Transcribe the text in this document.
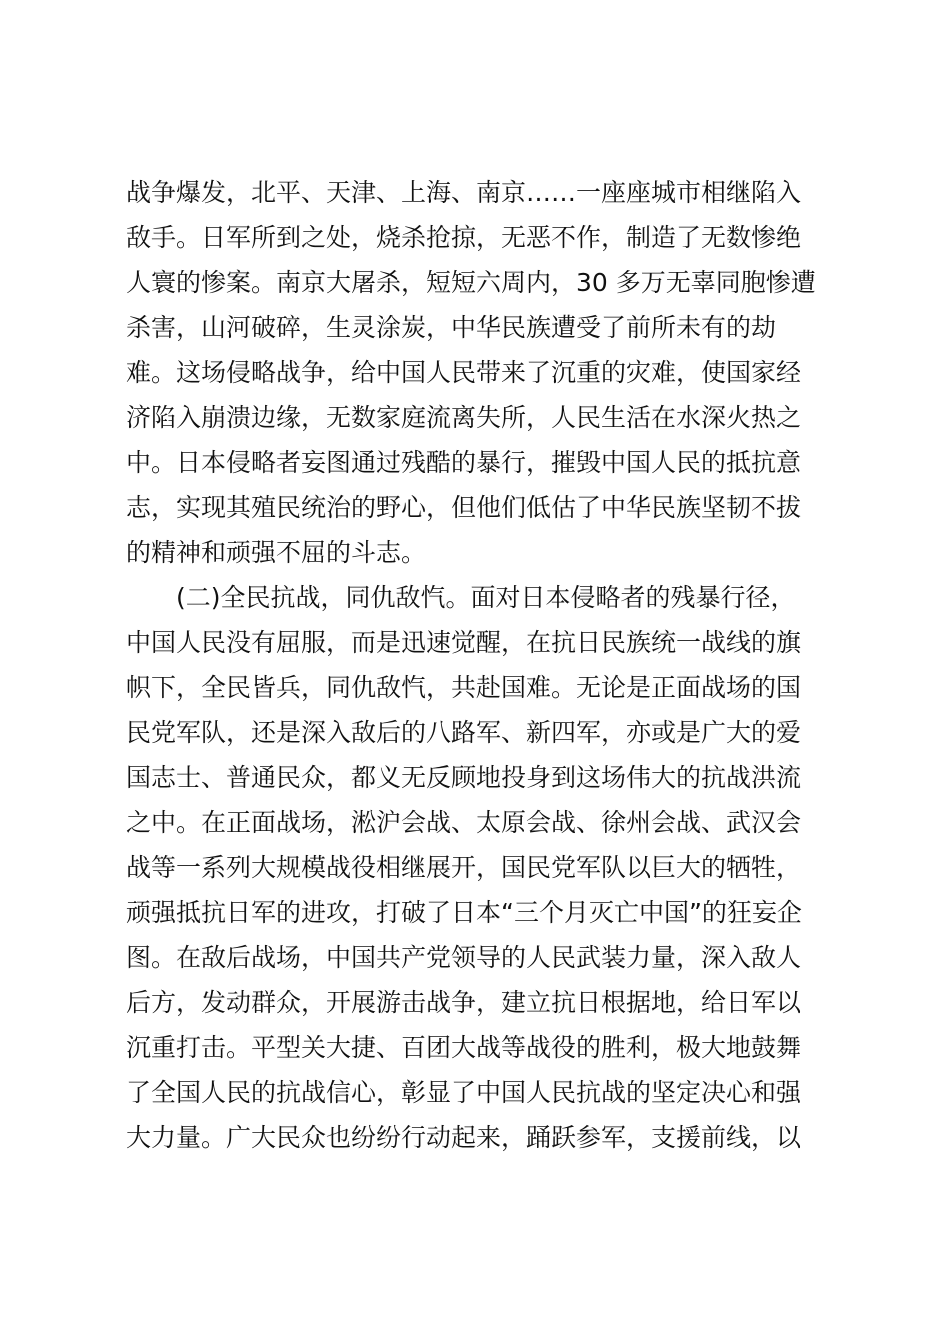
战争爆发，北平、天津、上海、南京……一座座城市相继陷入
敌手。日军所到之处，烧杀抢掠，无恶不作，制造了无数惨绝
人寰的惨案。南京大屠杀，短短六周内，30 多万无辜同胞惨遭
杀害，山河破碎，生灵涂炭，中华民族遭受了前所未有的劫
难。这场侵略战争，给中国人民带来了沉重的灾难，使国家经
济陷入崩溃边缘，无数家庭流离失所，人民生活在水深火热之
中。日本侵略者妄图通过残酷的暴行，摧毁中国人民的抵抗意
志，实现其殖民统治的野心，但他们低估了中华民族坚韧不拔
的精神和顽强不屈的斗志。
　　(二)全民抗战，同仇敌忾。面对日本侵略者的残暴行径，
中国人民没有屈服，而是迅速觉醒，在抗日民族统一战线的旗
帜下，全民皆兵，同仇敌忾，共赴国难。无论是正面战场的国
民党军队，还是深入敌后的八路军、新四军，亦或是广大的爱
国志士、普通民众，都义无反顾地投身到这场伟大的抗战洪流
之中。在正面战场，淞沪会战、太原会战、徐州会战、武汉会
战等一系列大规模战役相继展开，国民党军队以巨大的牺牲，
顽强抵抗日军的进攻，打破了日本“三个月灭亡中国”的狂妄企
图。在敌后战场，中国共产党领导的人民武装力量，深入敌人
后方，发动群众，开展游击战争，建立抗日根据地，给日军以
沉重打击。平型关大捷、百团大战等战役的胜利，极大地鼓舞
了全国人民的抗战信心，彰显了中国人民抗战的坚定决心和强
大力量。广大民众也纷纷行动起来，踊跃参军，支援前线，以
